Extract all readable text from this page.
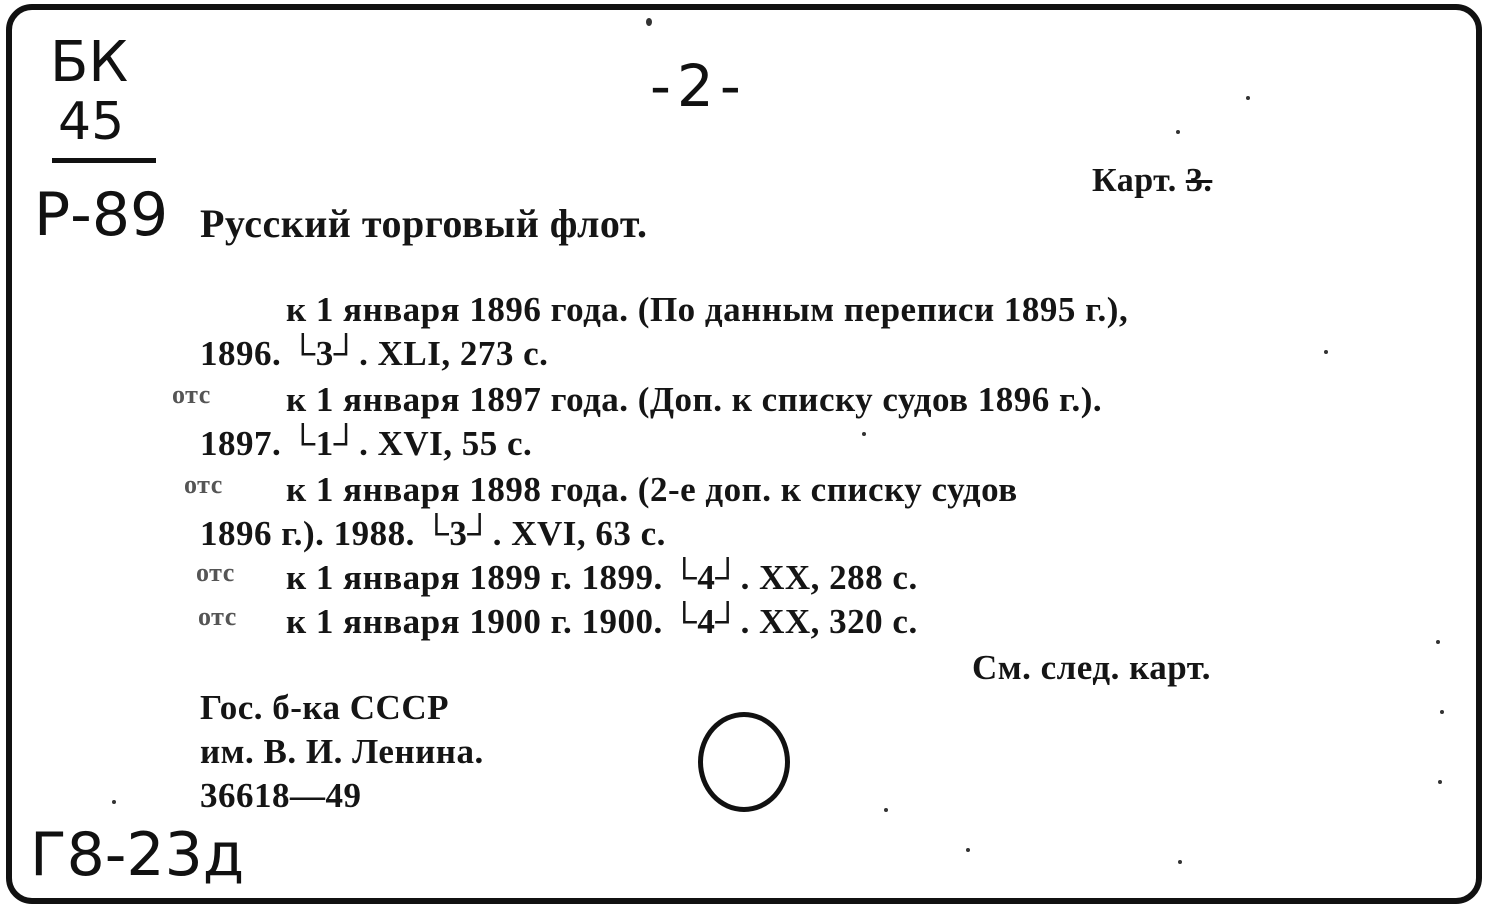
БК
45
Р-89
-2-
Карт. 3.
Русский торговый флот.
к 1 января 1896 года. (По данным переписи 1895 г.),
1896. └3┘. XLI, 273 с.
отс к 1 января 1897 года. (Доп. к списку судов 1896 г.).
1897. └1┘. XVI, 55 с.
отс к 1 января 1898 года. (2-е доп. к списку судов
1896 г.). 1988. └3┘. XVI, 63 с.
отс к 1 января 1899 г. 1899. └4┘. XX, 288 с.
отс к 1 января 1900 г. 1900. └4┘. XX, 320 с.
См. след. карт.
Гос. б-ка СССР
им. В. И. Ленина.
36618—49
Г8-23д
